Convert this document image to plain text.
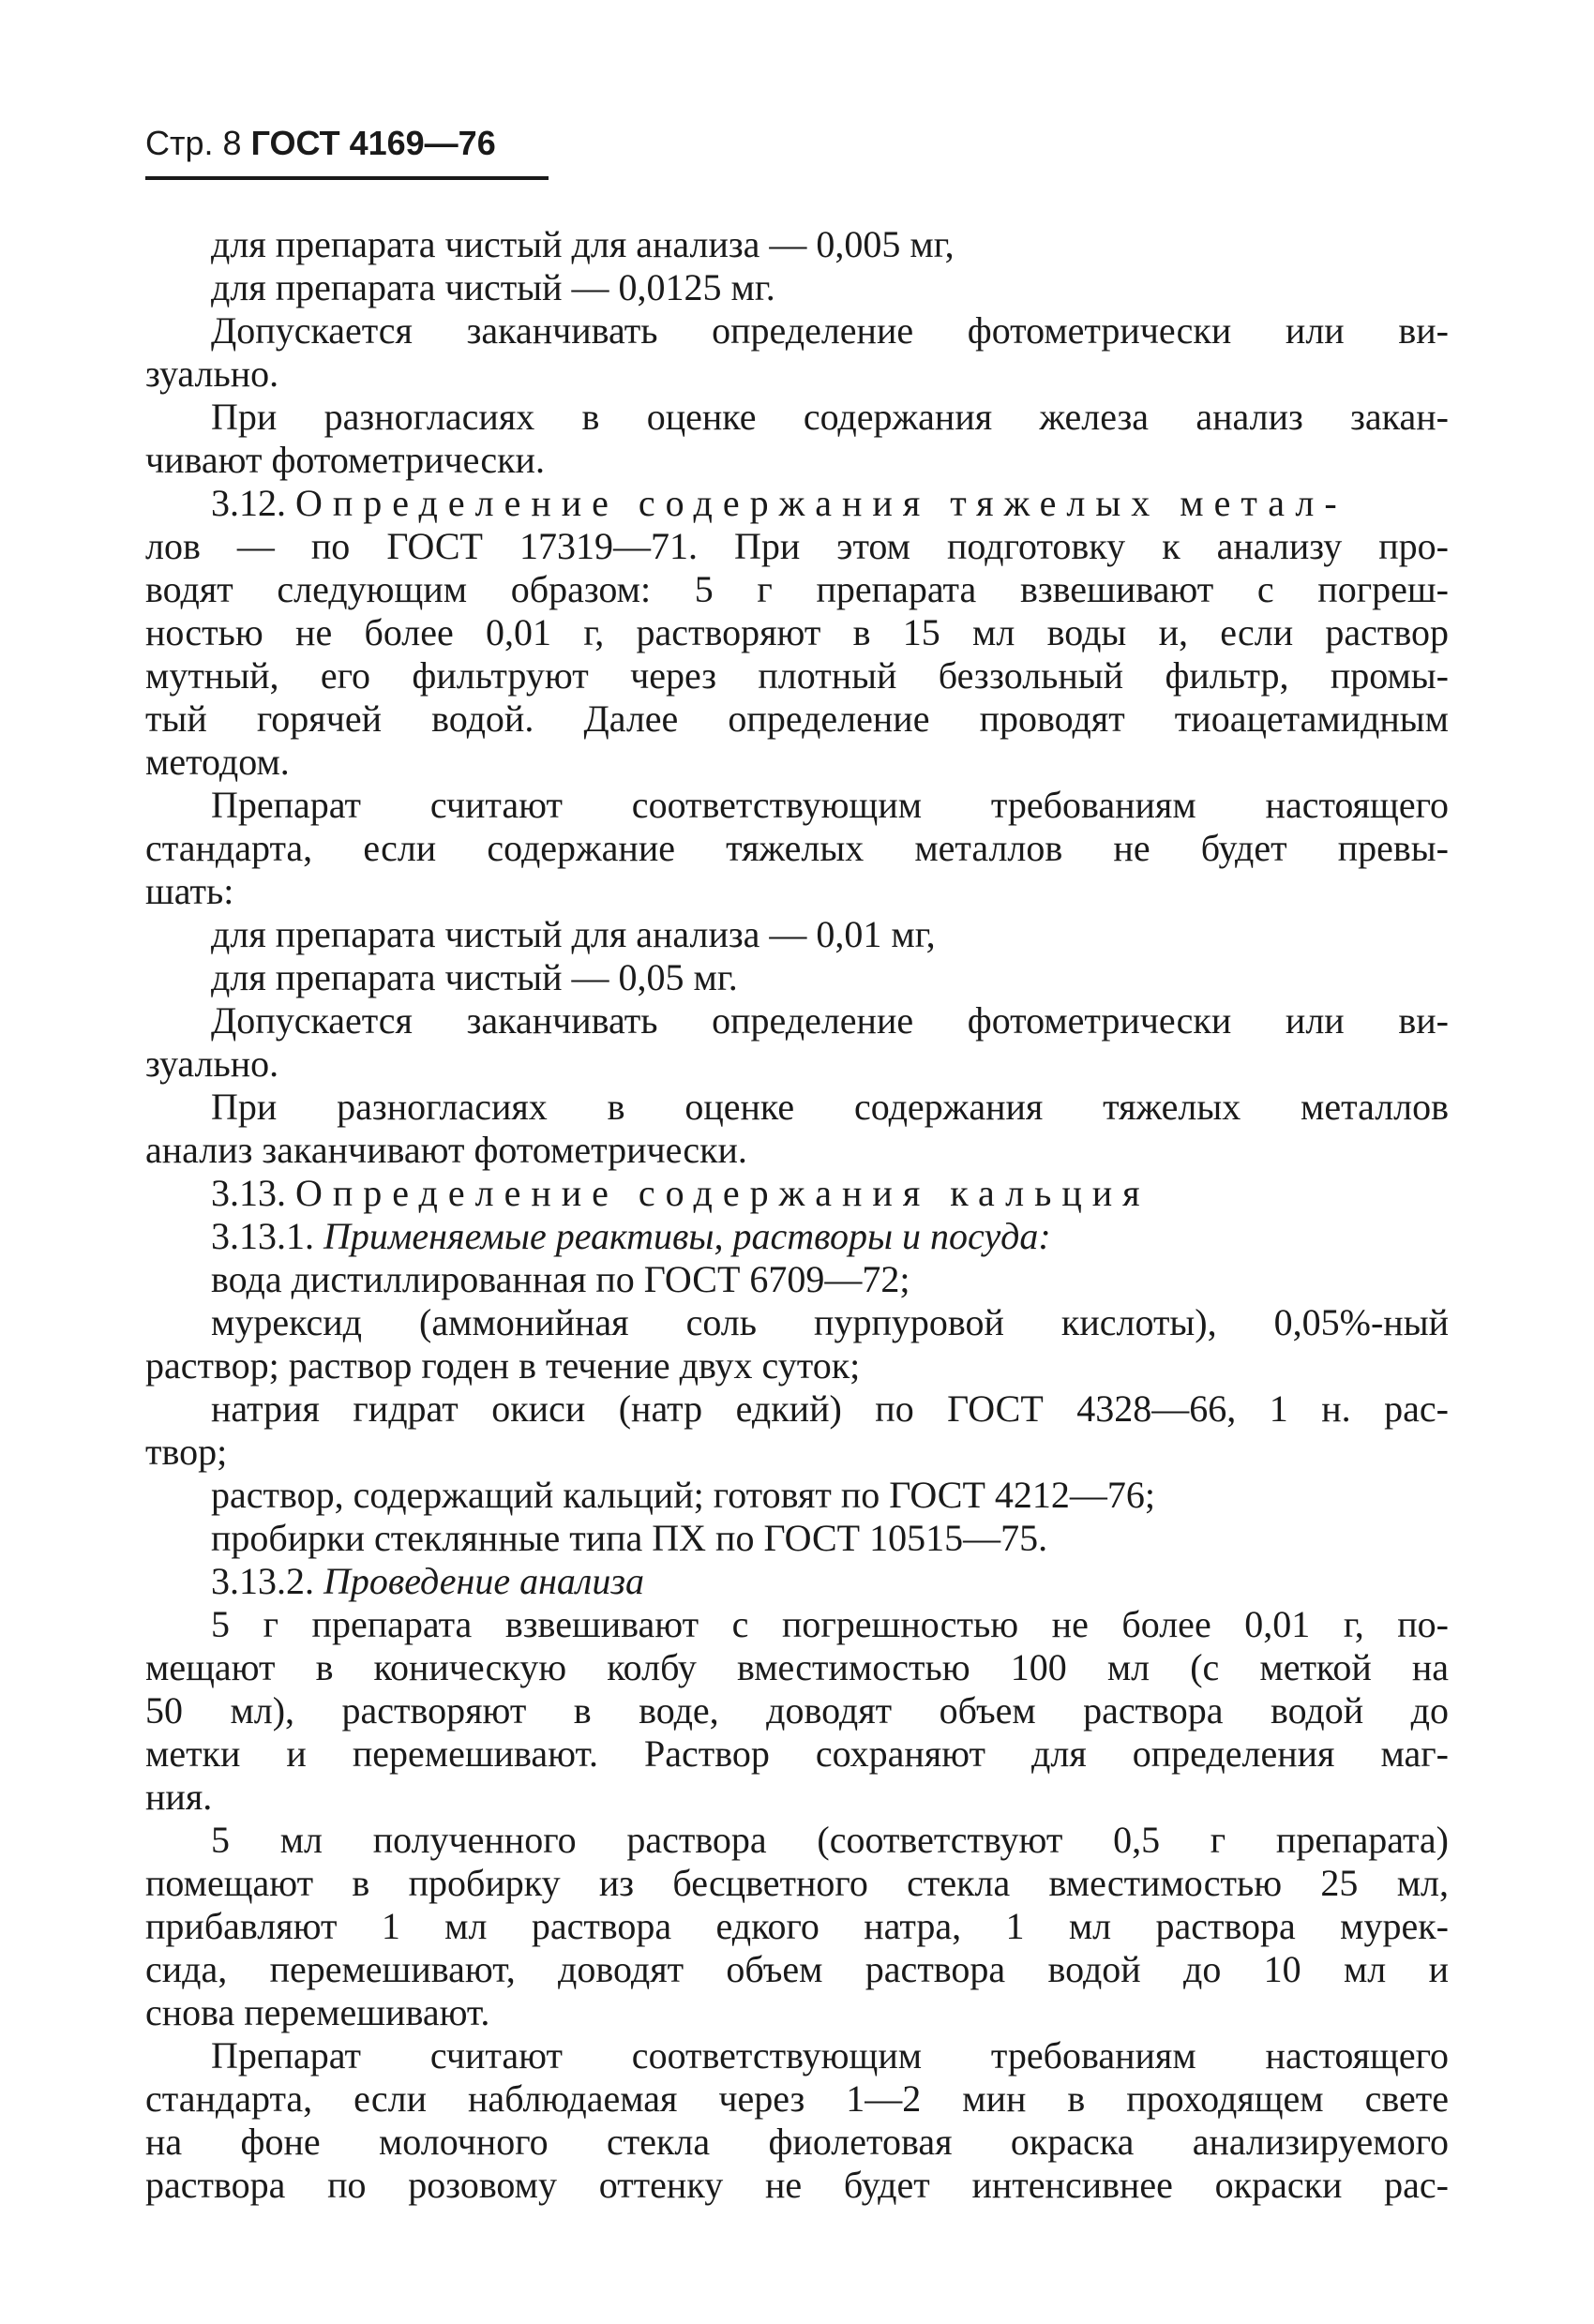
Стр. 8 ГОСТ 4169—76
для препарата чистый для анализа — 0,005 мг,
для препарата чистый — 0,0125 мг.
Допускается заканчивать определение фотометрически или ви-
зуально.
При разногласиях в оценке содержания железа анализ закан-
чивают фотометрически.
3.12. Определение содержания тяжелых метал-
лов — по ГОСТ 17319—71. При этом подготовку к анализу про-
водят следующим образом: 5 г препарата взвешивают с погреш-
ностью не более 0,01 г, растворяют в 15 мл воды и, если раствор
мутный, его фильтруют через плотный беззольный фильтр, промы-
тый горячей водой. Далее определение проводят тиоацетамидным
методом.
Препарат считают соответствующим требованиям настоящего
стандарта, если содержание тяжелых металлов не будет превы-
шать:
для препарата чистый для анализа — 0,01 мг,
для препарата чистый — 0,05 мг.
Допускается заканчивать определение фотометрически или ви-
зуально.
При разногласиях в оценке содержания тяжелых металлов
анализ заканчивают фотометрически.
3.13. Определение содержания кальция
3.13.1. Применяемые реактивы, растворы и посуда:
вода дистиллированная по ГОСТ 6709—72;
мурексид (аммонийная соль пурпуровой кислоты), 0,05%-ный
раствор; раствор годен в течение двух суток;
натрия гидрат окиси (натр едкий) по ГОСТ 4328—66, 1 н. рас-
твор;
раствор, содержащий кальций; готовят по ГОСТ 4212—76;
пробирки стеклянные типа ПХ по ГОСТ 10515—75.
3.13.2. Проведение анализа
5 г препарата взвешивают с погрешностью не более 0,01 г, по-
мещают в коническую колбу вместимостью 100 мл (с меткой на
50 мл), растворяют в воде, доводят объем раствора водой до
метки и перемешивают. Раствор сохраняют для определения маг-
ния.
5 мл полученного раствора (соответствуют 0,5 г препарата)
помещают в пробирку из бесцветного стекла вместимостью 25 мл,
прибавляют 1 мл раствора едкого натра, 1 мл раствора мурек-
сида, перемешивают, доводят объем раствора водой до 10 мл и
снова перемешивают.
Препарат считают соответствующим требованиям настоящего
стандарта, если наблюдаемая через 1—2 мин в проходящем свете
на фоне молочного стекла фиолетовая окраска анализируемого
раствора по розовому оттенку не будет интенсивнее окраски рас-
